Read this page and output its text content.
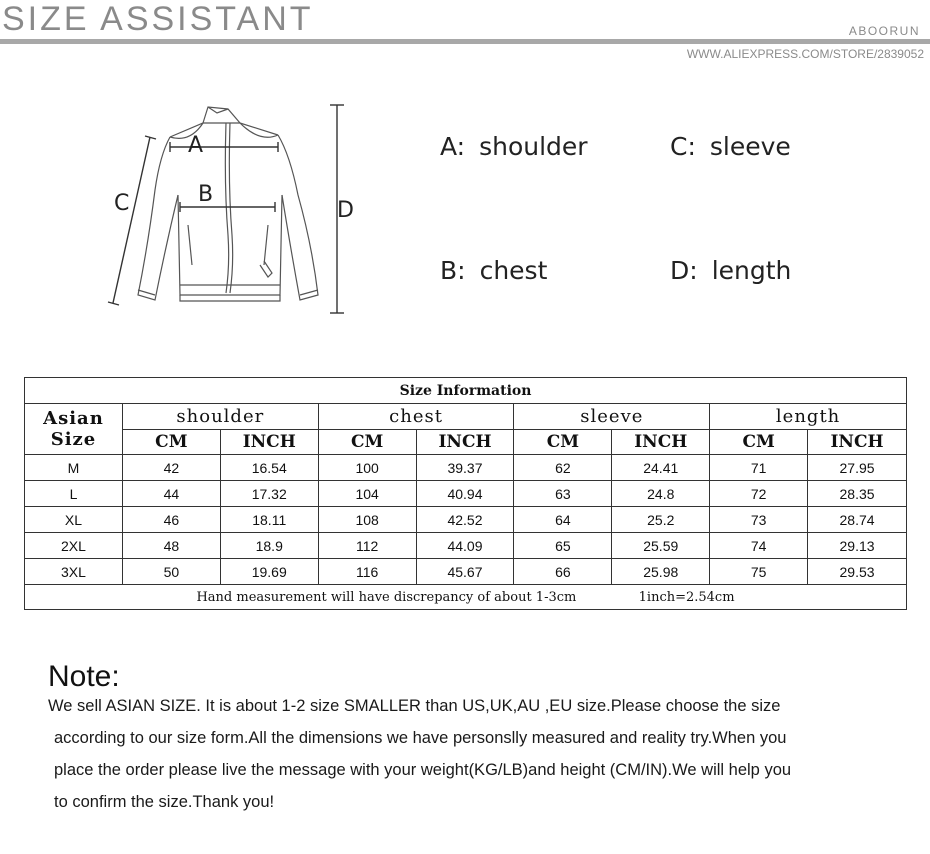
SIZE ASSISTANT	ABOORUN
WWW.ALIEXPRESS.COM/STORE/2839052
A
B
C	D
A: shoulder	C: sleeve
B: chest	D: length
Size Information								
Asian Size	shoulder		chest		sleeve		length	
	CM	INCH	CM	INCH	CM	INCH	CM	INCH
M	42	16.54	100	39.37	62	24.41	71	27.95
L	44	17.32	104	40.94	63	24.8	72	28.35
XL	46	18.11	108	42.52	64	25.2	73	28.74
2XL	48	18.9	112	44.09	65	25.59	74	29.13
3XL	50	19.69	116	45.67	66	25.98	75	29.53
Hand measurement will have discrepancy of about 1-3cm 1inch=2.54cm								
Note:
We sell ASIAN SIZE. It is about 1-2 size SMALLER than US,UK,AU ,EU size.Please choose the size
according to our size form.All the dimensions we have personslly measured and reality try.When you
place the order please live the message with your weight(KG/LB)and height (CM/IN).We will help you
to confirm the size.Thank you!
